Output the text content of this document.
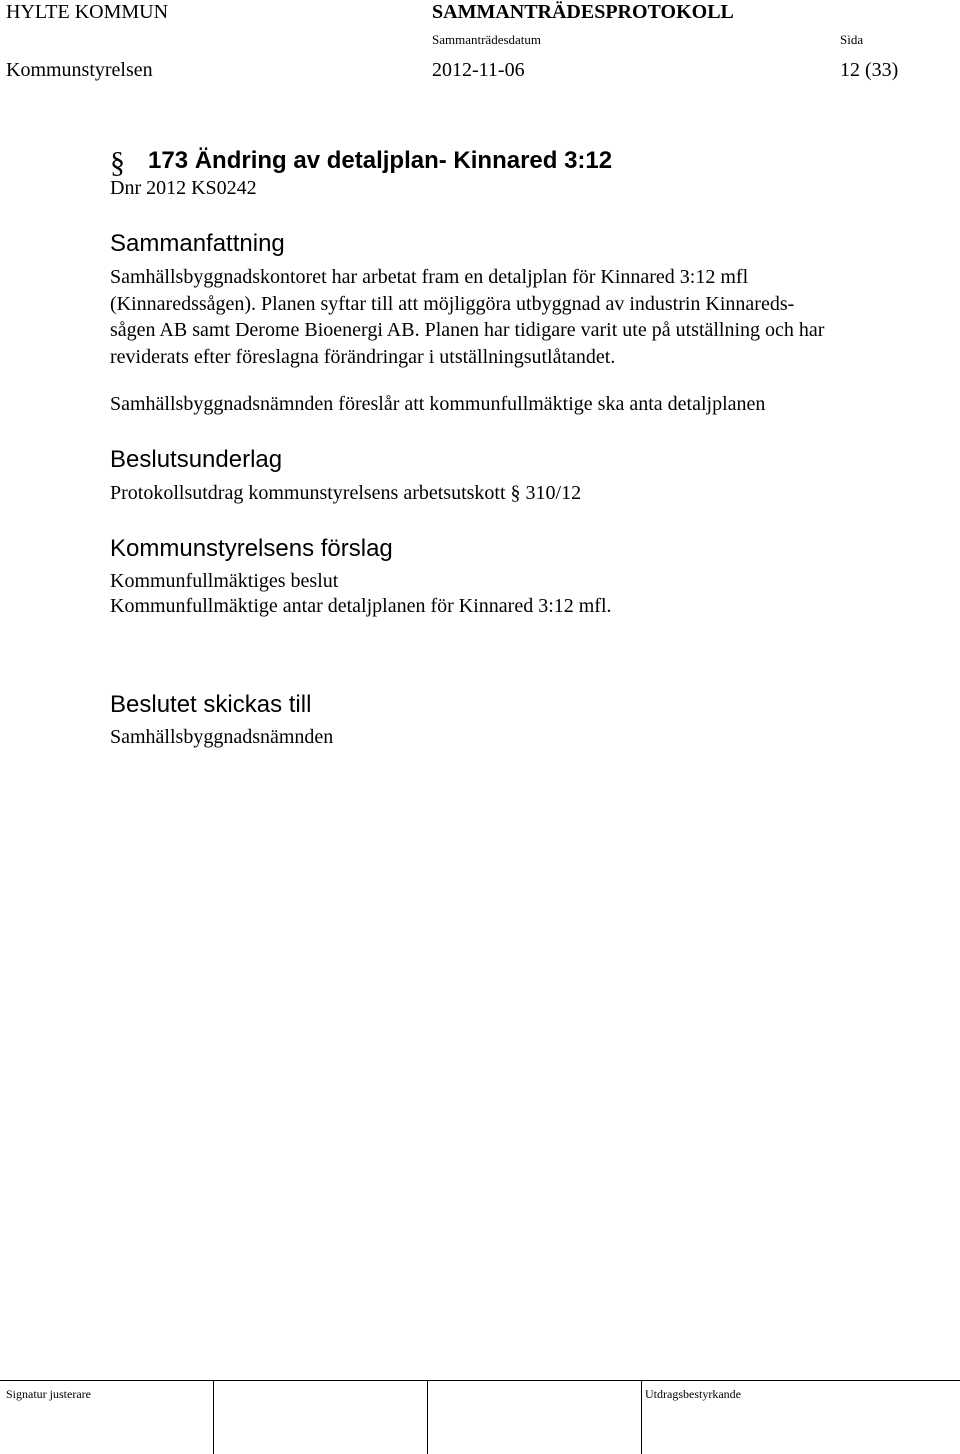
HYLTE KOMMUN	SAMMANTRÄDESPROTOKOLL
Sammanträdesdatum	Sida
Kommunstyrelsen	2012-11-06	12 (33)
§ 173 Ändring av detaljplan- Kinnared 3:12
Dnr 2012 KS0242
Sammanfattning
Samhällsbyggnadskontoret har arbetat fram en detaljplan för Kinnared 3:12 mfl
(Kinnaredssågen). Planen syftar till att möjliggöra utbyggnad av industrin Kinnareds-
sågen AB samt Derome Bioenergi AB. Planen har tidigare varit ute på utställning och har
reviderats efter föreslagna förändringar i utställningsutlåtandet.
Samhällsbyggnadsnämnden föreslår att kommunfullmäktige ska anta detaljplanen
Beslutsunderlag
Protokollsutdrag kommunstyrelsens arbetsutskott § 310/12
Kommunstyrelsens förslag
Kommunfullmäktiges beslut
Kommunfullmäktige antar detaljplanen för Kinnared 3:12 mfl.
Beslutet skickas till
Samhällsbyggnadsnämnden
Signatur justerare	Utdragsbestyrkande
